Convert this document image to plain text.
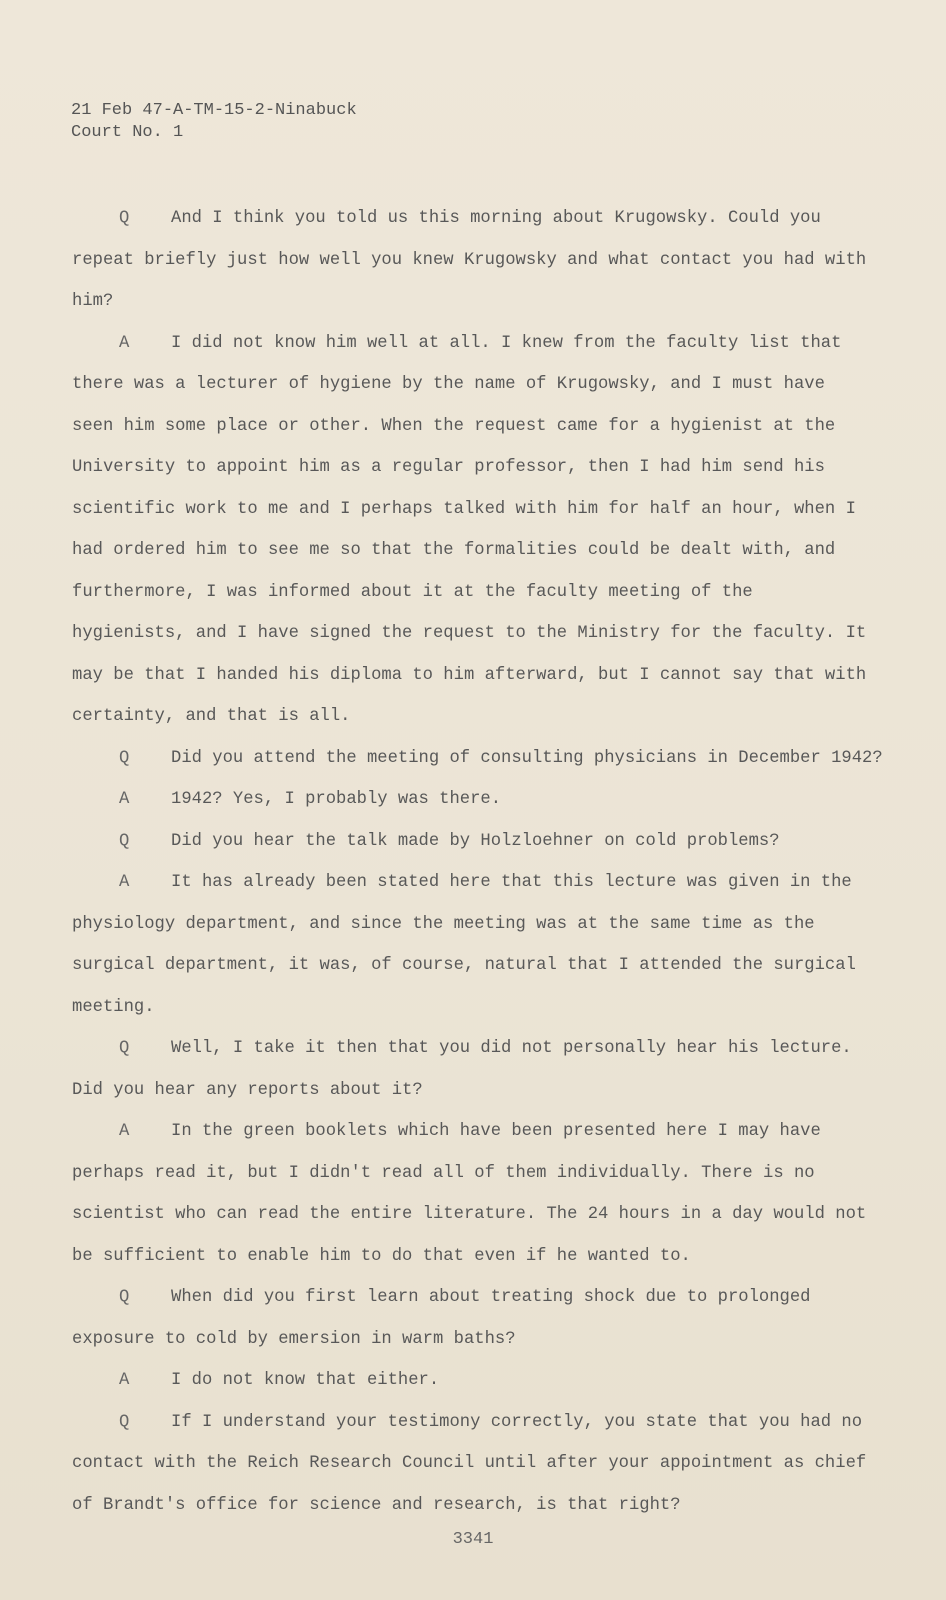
21 Feb 47-A-TM-15-2-Ninabuck
Court No. 1
Q And I think you told us this morning about Krugowsky. Could you repeat briefly just how well you knew Krugowsky and what contact you had with him?
A I did not know him well at all. I knew from the faculty list that there was a lecturer of hygiene by the name of Krugowsky, and I must have seen him some place or other. When the request came for a hygienist at the University to appoint him as a regular professor, then I had him send his scientific work to me and I perhaps talked with him for half an hour, when I had ordered him to see me so that the formalities could be dealt with, and furthermore, I was informed about it at the faculty meeting of the hygienists, and I have signed the request to the Ministry for the faculty. It may be that I handed his diploma to him afterward, but I cannot say that with certainty, and that is all.
Q Did you attend the meeting of consulting physicians in December 1942?
A 1942? Yes, I probably was there.
Q Did you hear the talk made by Holzloehner on cold problems?
A It has already been stated here that this lecture was given in the physiology department, and since the meeting was at the same time as the surgical department, it was, of course, natural that I attended the surgical meeting.
Q Well, I take it then that you did not personally hear his lecture. Did you hear any reports about it?
A In the green booklets which have been presented here I may have perhaps read it, but I didn't read all of them individually. There is no scientist who can read the entire literature. The 24 hours in a day would not be sufficient to enable him to do that even if he wanted to.
Q When did you first learn about treating shock due to prolonged exposure to cold by emersion in warm baths?
A I do not know that either.
Q If I understand your testimony correctly, you state that you had no contact with the Reich Research Council until after your appointment as chief of Brandt's office for science and research, is that right?
3341
